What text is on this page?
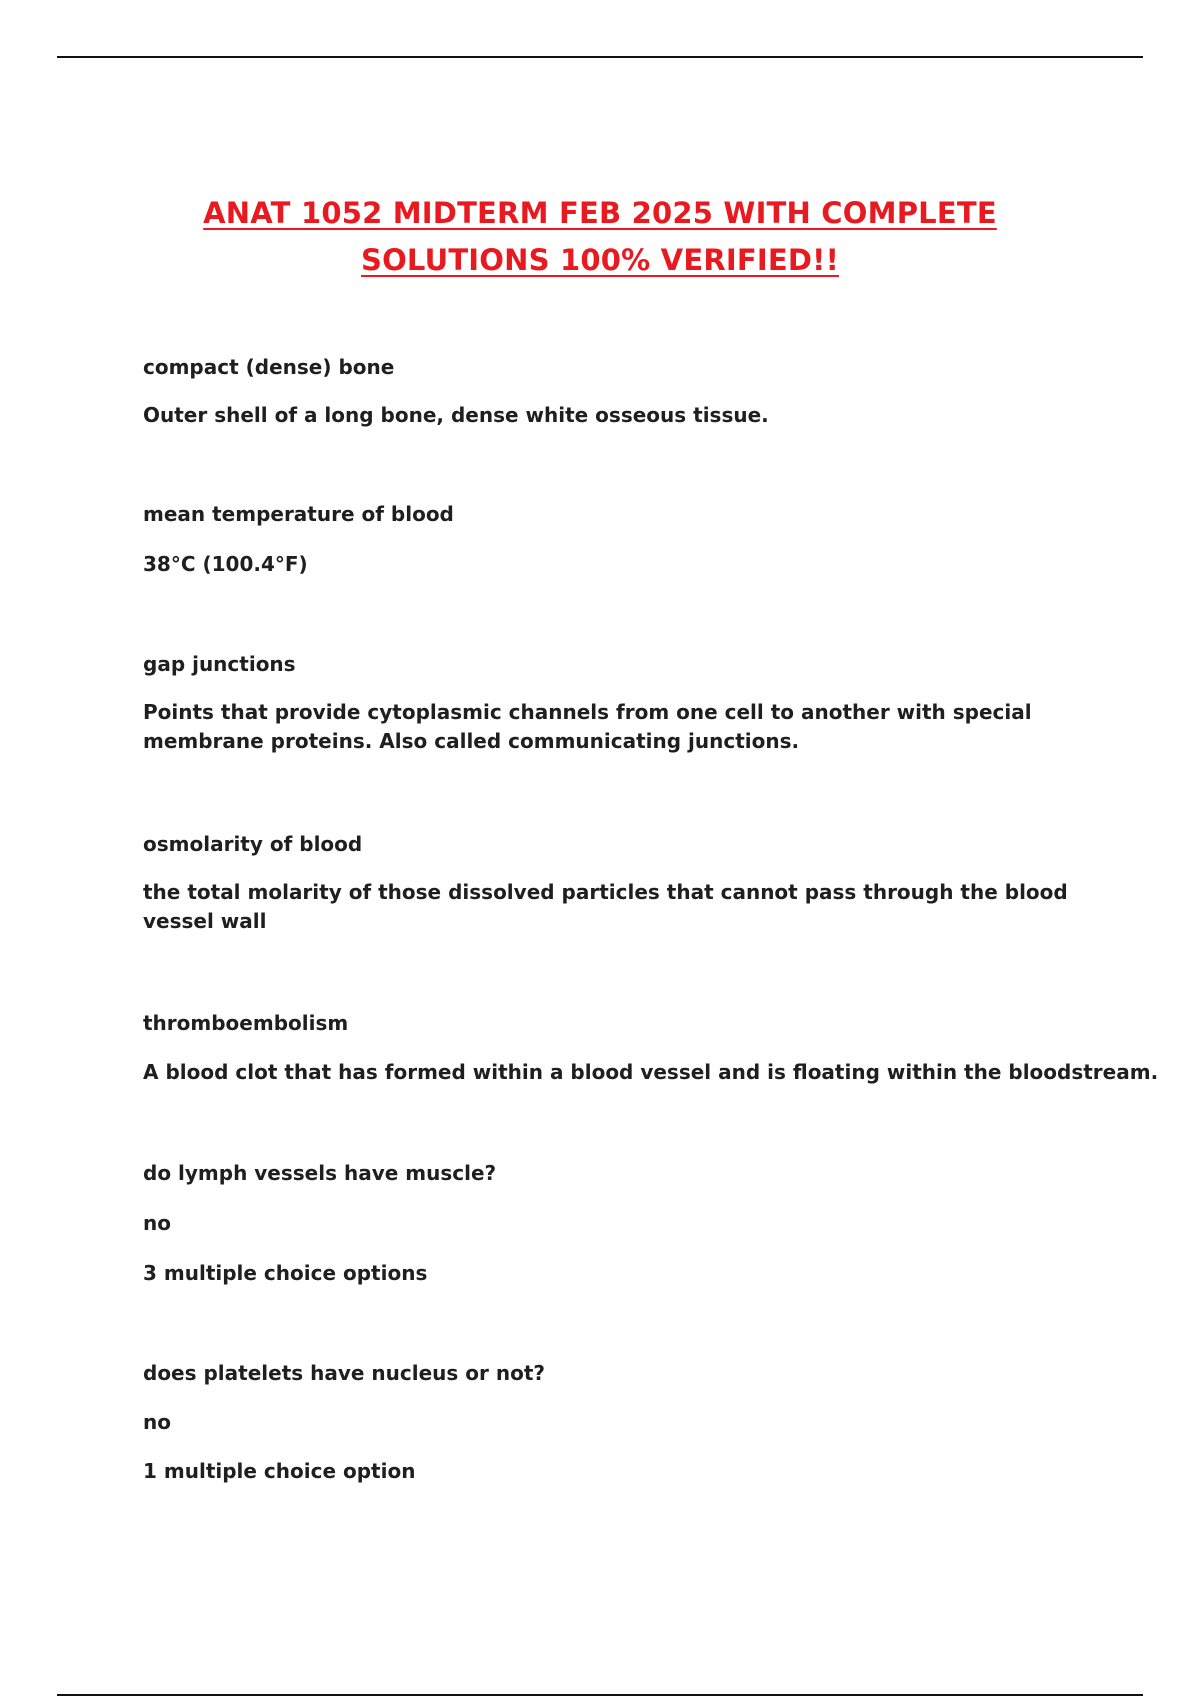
ANAT 1052 MIDTERM FEB 2025 WITH COMPLETE
SOLUTIONS 100% VERIFIED!!
compact (dense) bone
Outer shell of a long bone, dense white osseous tissue.
mean temperature of blood
38°C (100.4°F)
gap junctions
Points that provide cytoplasmic channels from one cell to another with special membrane proteins. Also called communicating junctions.
osmolarity of blood
the total molarity of those dissolved particles that cannot pass through the blood vessel wall
thromboembolism
A blood clot that has formed within a blood vessel and is floating within the bloodstream.
do lymph vessels have muscle?
no
3 multiple choice options
does platelets have nucleus or not?
no
1 multiple choice option
